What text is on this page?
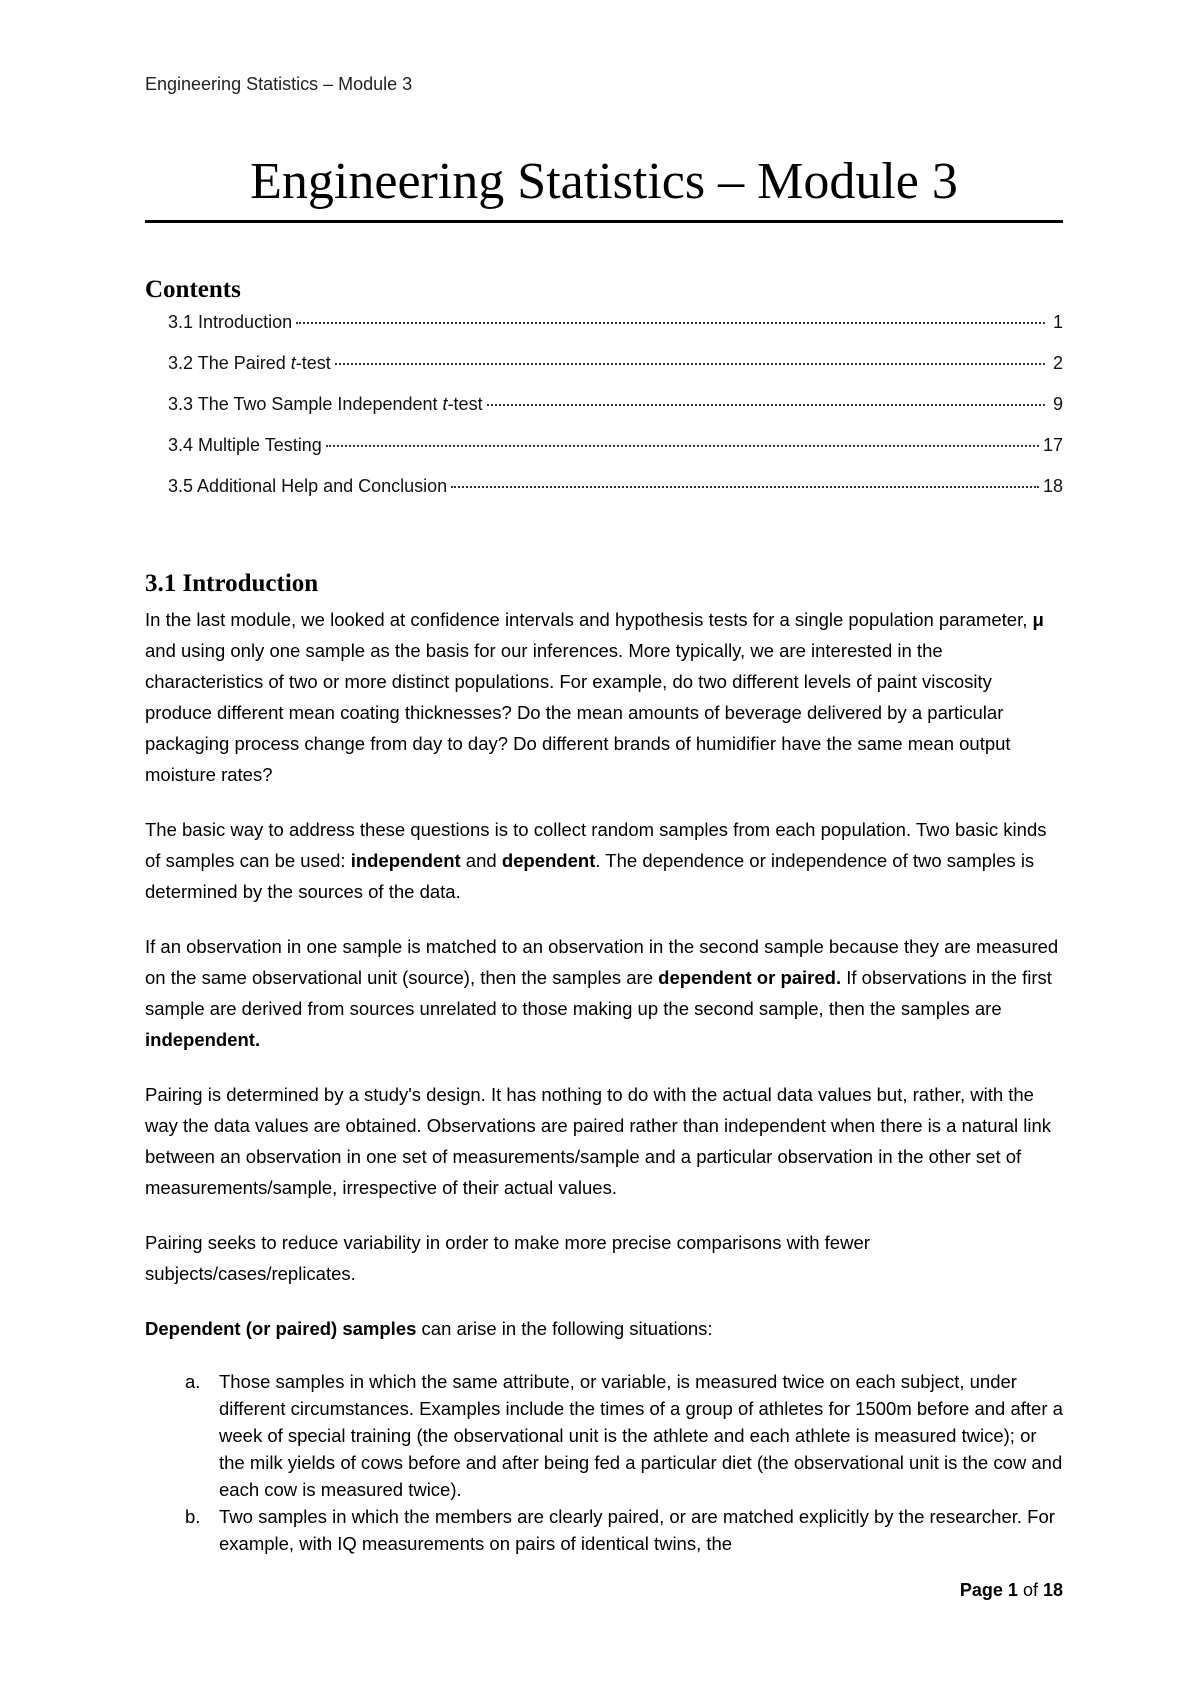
Engineering Statistics – Module 3
Engineering Statistics – Module 3
Contents
3.1 Introduction	1
3.2 The Paired t-test	2
3.3 The Two Sample Independent t-test	9
3.4 Multiple Testing	17
3.5 Additional Help and Conclusion	18
3.1 Introduction

In the last module, we looked at confidence intervals and hypothesis tests for a single population parameter, μ and using only one sample as the basis for our inferences. More typically, we are interested in the characteristics of two or more distinct populations. For example, do two different levels of paint viscosity produce different mean coating thicknesses? Do the mean amounts of beverage delivered by a particular packaging process change from day to day? Do different brands of humidifier have the same mean output moisture rates?

The basic way to address these questions is to collect random samples from each population. Two basic kinds of samples can be used: independent and dependent. The dependence or independence of two samples is determined by the sources of the data.

If an observation in one sample is matched to an observation in the second sample because they are measured on the same observational unit (source), then the samples are dependent or paired. If observations in the first sample are derived from sources unrelated to those making up the second sample, then the samples are independent.

Pairing is determined by a study's design. It has nothing to do with the actual data values but, rather, with the way the data values are obtained. Observations are paired rather than independent when there is a natural link between an observation in one set of measurements/sample and a particular observation in the other set of measurements/sample, irrespective of their actual values.

Pairing seeks to reduce variability in order to make more precise comparisons with fewer subjects/cases/replicates.

Dependent (or paired) samples can arise in the following situations:

a.	Those samples in which the same attribute, or variable, is measured twice on each subject, under different circumstances. Examples include the times of a group of athletes for 1500m before and after a week of special training (the observational unit is the athlete and each athlete is measured twice); or the milk yields of cows before and after being fed a particular diet (the observational unit is the cow and each cow is measured twice).
b.	Two samples in which the members are clearly paired, or are matched explicitly by the researcher. For example, with IQ measurements on pairs of identical twins, the
Page 1 of 18
